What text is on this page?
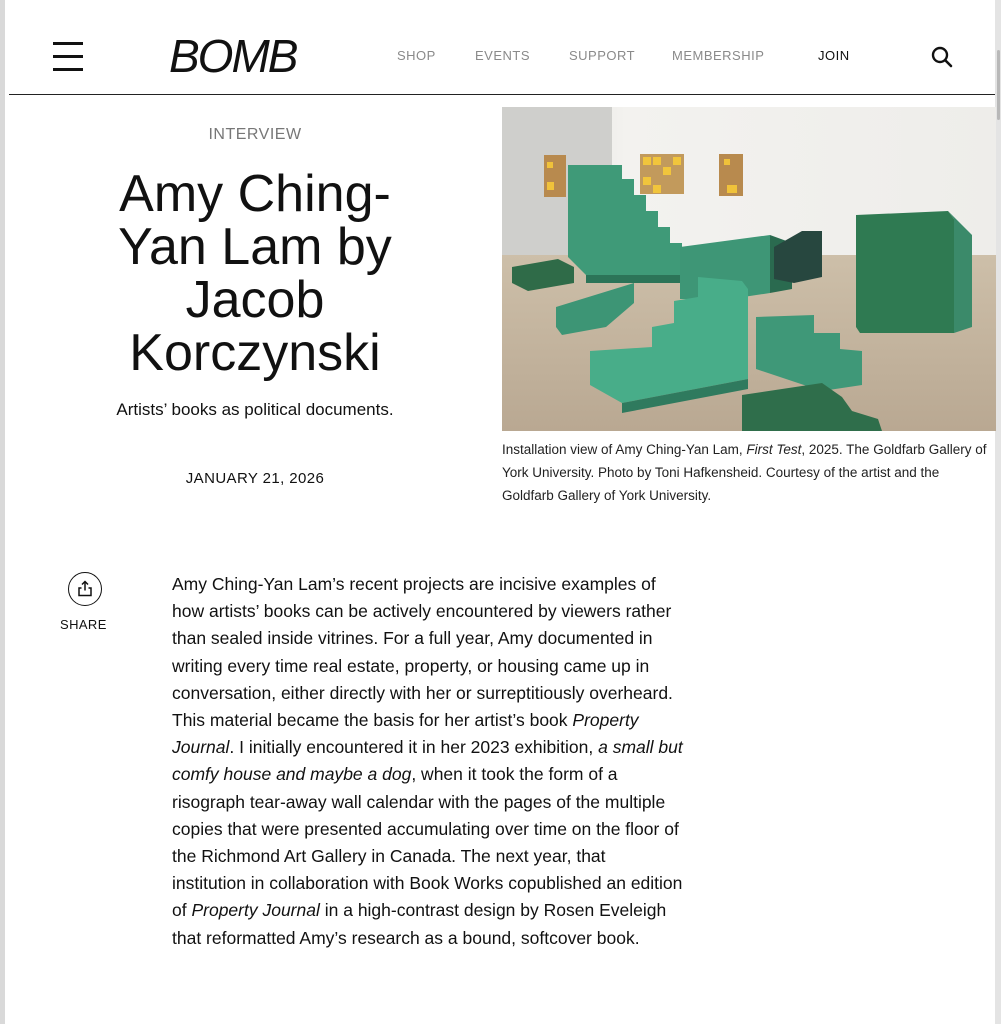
BOMB	SHOP	EVENTS	SUPPORT	MEMBERSHIP	JOIN
INTERVIEW
Amy Ching-Yan Lam by Jacob Korczynski
Artists’ books as political documents.
JANUARY 21, 2026

Installation view of Amy Ching-Yan Lam, First Test, 2025. The Goldfarb Gallery of York University. Photo by Toni Hafkensheid. Courtesy of the artist and the Goldfarb Gallery of York University.

SHARE

Amy Ching-Yan Lam’s recent projects are incisive examples of how artists’ books can be actively encountered by viewers rather than sealed inside vitrines. For a full year, Amy documented in writing every time real estate, property, or housing came up in conversation, either directly with her or surreptitiously overheard. This material became the basis for her artist’s book Property Journal. I initially encountered it in her 2023 exhibition, a small but comfy house and maybe a dog, when it took the form of a risograph tear-away wall calendar with the pages of the multiple copies that were presented accumulating over time on the floor of the Richmond Art Gallery in Canada. The next year, that institution in collaboration with Book Works copublished an edition of Property Journal in a high-contrast design by Rosen Eveleigh that reformatted Amy’s research as a bound, softcover book.
